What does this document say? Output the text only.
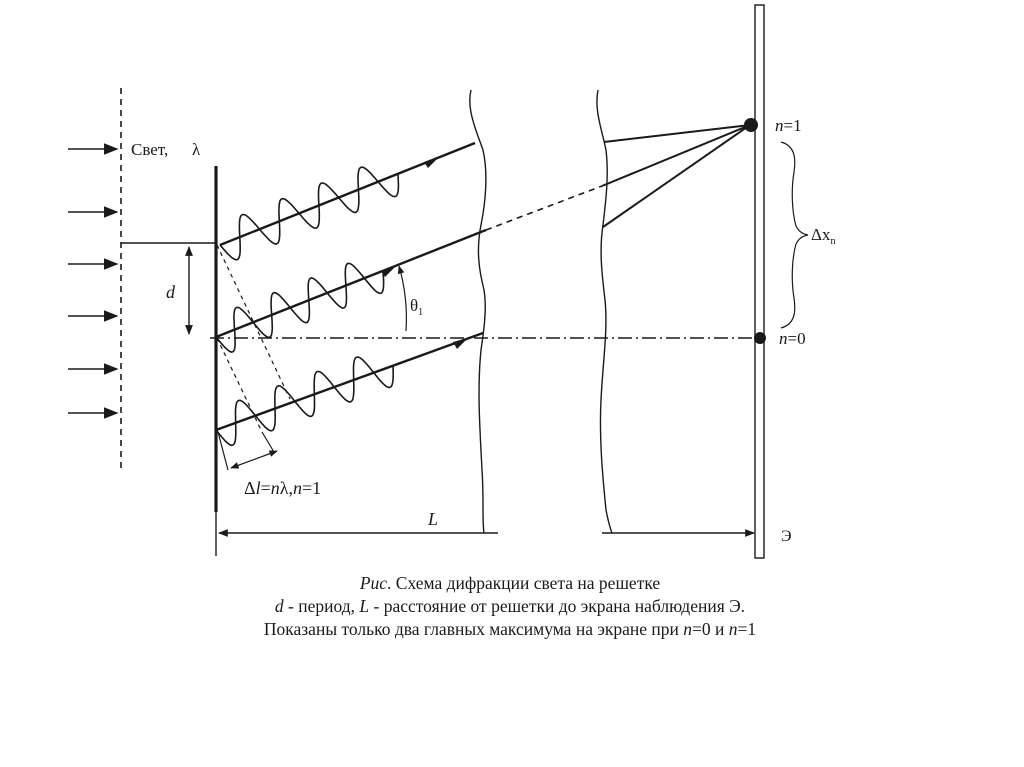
Свет, λ
d
$\theta_1$
Δl=nλ,n=1
L
Э
n=1
n=0
$\Delta x_n$
Рис. Схема дифракции света на решетке
d - период, L - расстояние от решетки до экрана наблюдения Э.
Показаны только два главных максимума на экране при n=0 и n=1
